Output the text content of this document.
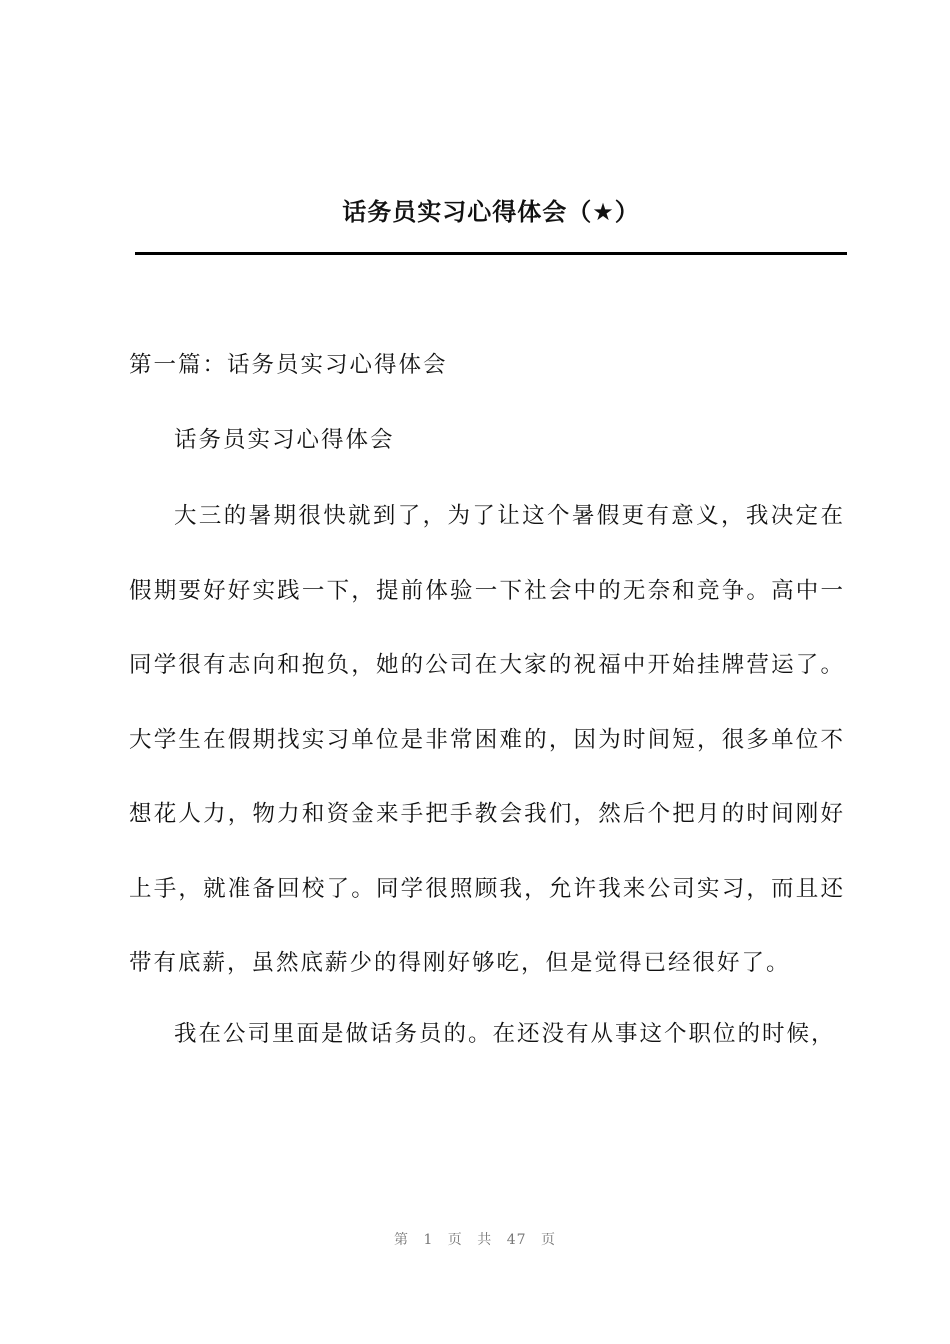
话务员实习心得体会（★）

第一篇：话务员实习心得体会

话务员实习心得体会

大三的暑期很快就到了，为了让这个暑假更有意义，我决定在假期要好好实践一下，提前体验一下社会中的无奈和竞争。高中一同学很有志向和抱负，她的公司在大家的祝福中开始挂牌营运了。大学生在假期找实习单位是非常困难的，因为时间短，很多单位不想花人力，物力和资金来手把手教会我们，然后个把月的时间刚好上手，就准备回校了。同学很照顾我，允许我来公司实习，而且还带有底薪，虽然底薪少的得刚好够吃，但是觉得已经很好了。

我在公司里面是做话务员的。在还没有从事这个职位的时候，

第 1 页 共 47 页
